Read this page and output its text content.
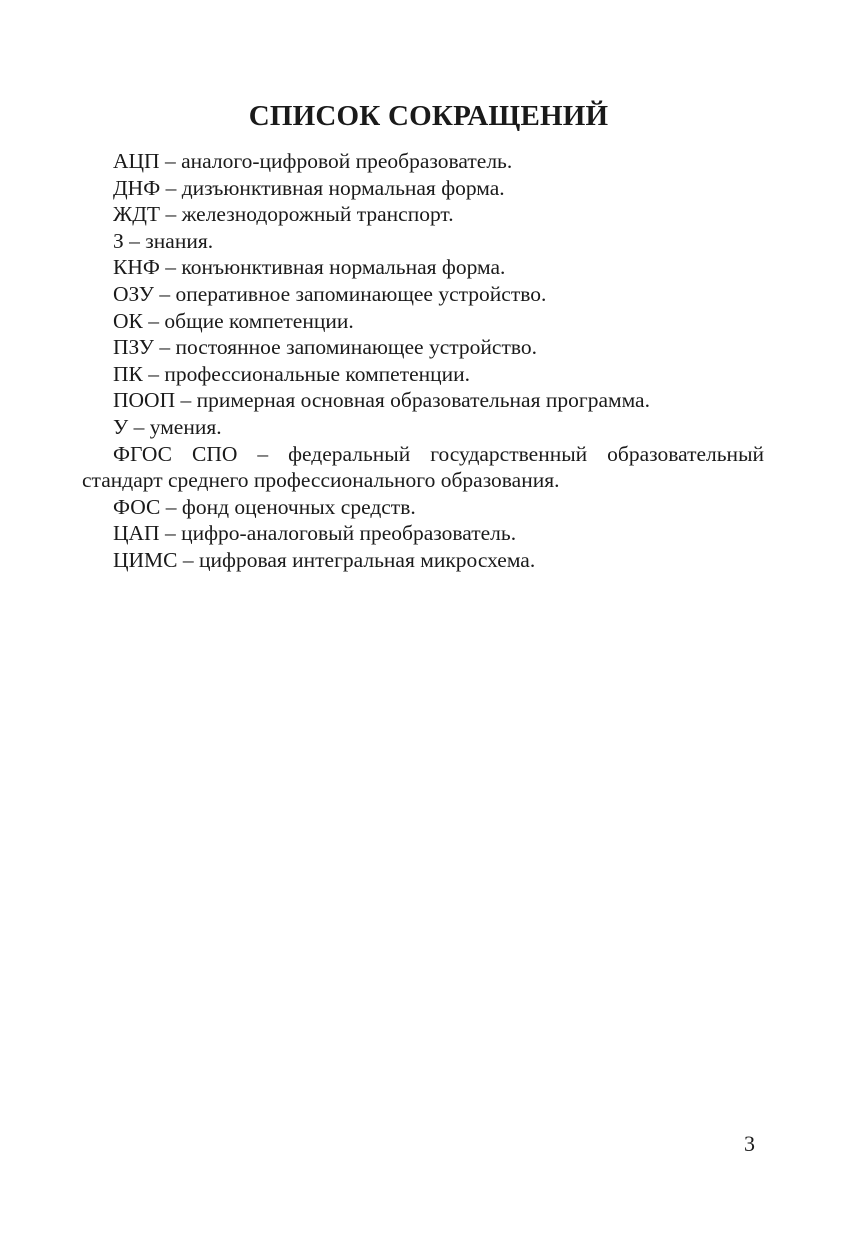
СПИСОК СОКРАЩЕНИЙ
АЦП – аналого-цифровой преобразователь.
ДНФ – дизъюнктивная нормальная форма.
ЖДТ – железнодорожный транспорт.
З – знания.
КНФ – конъюнктивная нормальная форма.
ОЗУ – оперативное запоминающее устройство.
ОК – общие компетенции.
ПЗУ – постоянное запоминающее устройство.
ПК – профессиональные компетенции.
ПООП – примерная основная образовательная программа.
У – умения.
ФГОС СПО – федеральный государственный образовательный стандарт среднего профессионального образования.
ФОС – фонд оценочных средств.
ЦАП – цифро-аналоговый преобразователь.
ЦИМС – цифровая интегральная микросхема.
3
